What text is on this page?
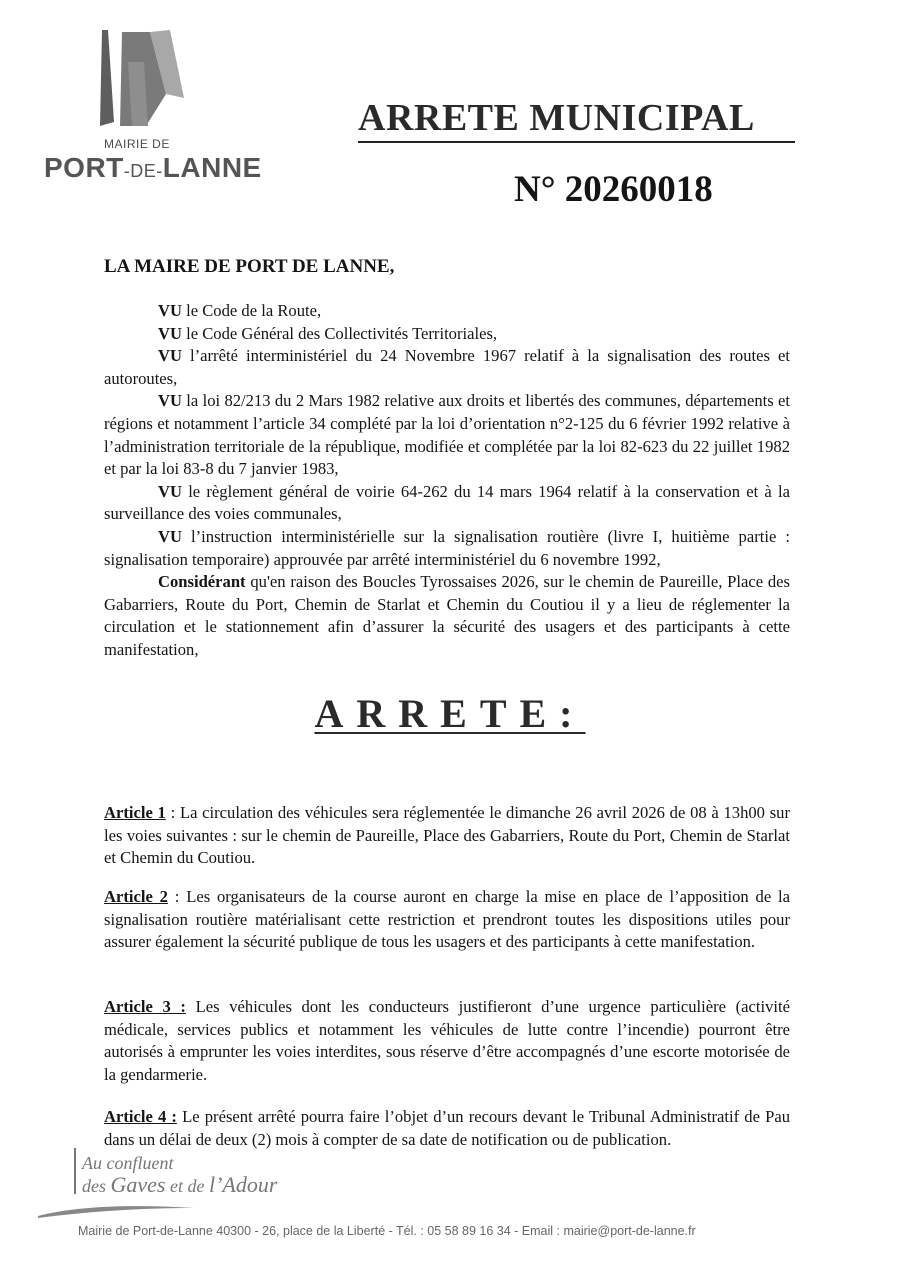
MAIRIE DE
PORT-DE-LANNE
ARRETE MUNICIPAL
N° 20260018
LA MAIRE DE PORT DE LANNE,

VU le Code de la Route,

VU le Code Général des Collectivités Territoriales,

VU l’arrêté interministériel du 24 Novembre 1967 relatif à la signalisation des routes et autoroutes,

VU la loi 82/213 du 2 Mars 1982 relative aux droits et libertés des communes, départements et régions et notamment l’article 34 complété par la loi d’orientation n°2-125 du 6 février 1992 relative à l’administration territoriale de la république, modifiée et complétée par la loi 82-623 du 22 juillet 1982 et par la loi 83-8 du 7 janvier 1983,

VU le règlement général de voirie 64-262 du 14 mars 1964 relatif à la conservation et à la surveillance des voies communales,

VU l’instruction interministérielle sur la signalisation routière (livre I, huitième partie : signalisation temporaire) approuvée par arrêté interministériel du 6 novembre 1992,

Considérant qu'en raison des Boucles Tyrossaises 2026, sur le chemin de Paureille, Place des Gabarriers, Route du Port, Chemin de Starlat et Chemin du Coutiou il y a lieu de réglementer la circulation et le stationnement afin d’assurer la sécurité des usagers et des participants à cette manifestation,

ARRETE:
Article 1 : La circulation des véhicules sera réglementée le dimanche 26 avril 2026 de 08 à 13h00 sur les voies suivantes : sur le chemin de Paureille, Place des Gabarriers, Route du Port, Chemin de Starlat et Chemin du Coutiou.
Article 2 : Les organisateurs de la course auront en charge la mise en place de l’apposition de la signalisation routière matérialisant cette restriction et prendront toutes les dispositions utiles pour assurer également la sécurité publique de tous les usagers et des participants à cette manifestation.
Article 3 : Les véhicules dont les conducteurs justifieront d’une urgence particulière (activité médicale, services publics et notamment les véhicules de lutte contre l’incendie) pourront être autorisés à emprunter les voies interdites, sous réserve d’être accompagnés d’une escorte motorisée de la gendarmerie.
Article 4 : Le présent arrêté pourra faire l’objet d’un recours devant le Tribunal Administratif de Pau dans un délai de deux (2) mois à compter de sa date de notification ou de publication.
Au confluent
des Gaves et de l’Adour
Mairie de Port-de-Lanne 40300 - 26, place de la Liberté - Tél. : 05 58 89 16 34 - Email : mairie@port-de-lanne.fr
